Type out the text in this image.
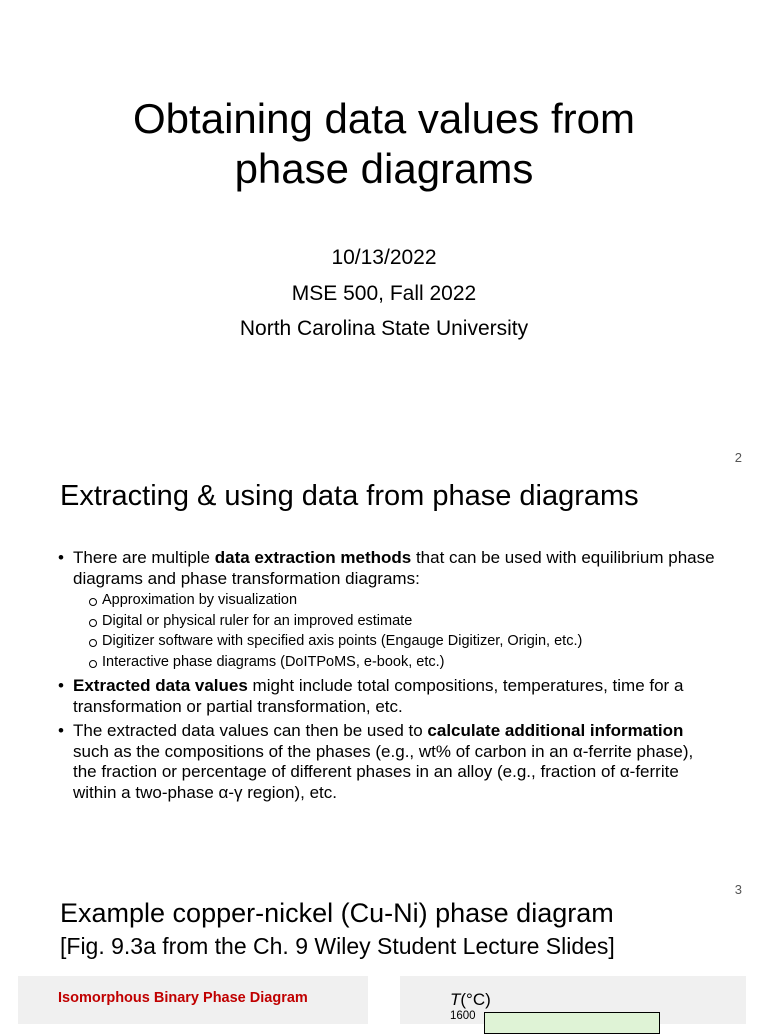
Obtaining data values from
phase diagrams
10/13/2022
MSE 500, Fall 2022
North Carolina State University
2
Extracting & using data from phase diagrams
• There are multiple data extraction methods that can be used with equilibrium phase diagrams and phase transformation diagrams:
Approximation by visualization
Digital or physical ruler for an improved estimate
Digitizer software with specified axis points (Engauge Digitizer, Origin, etc.)
Interactive phase diagrams (DoITPoMS, e-book, etc.)
• Extracted data values might include total compositions, temperatures, time for a transformation or partial transformation, etc.
• The extracted data values can then be used to calculate additional information such as the compositions of the phases (e.g., wt% of carbon in an α-ferrite phase), the fraction or percentage of different phases in an alloy (e.g., fraction of α-ferrite within a two-phase α-γ region), etc.
3
Example copper-nickel (Cu-Ni) phase diagram
[Fig. 9.3a from the Ch. 9 Wiley Student Lecture Slides]
Isomorphous Binary Phase Diagram	T(°C)
1600
